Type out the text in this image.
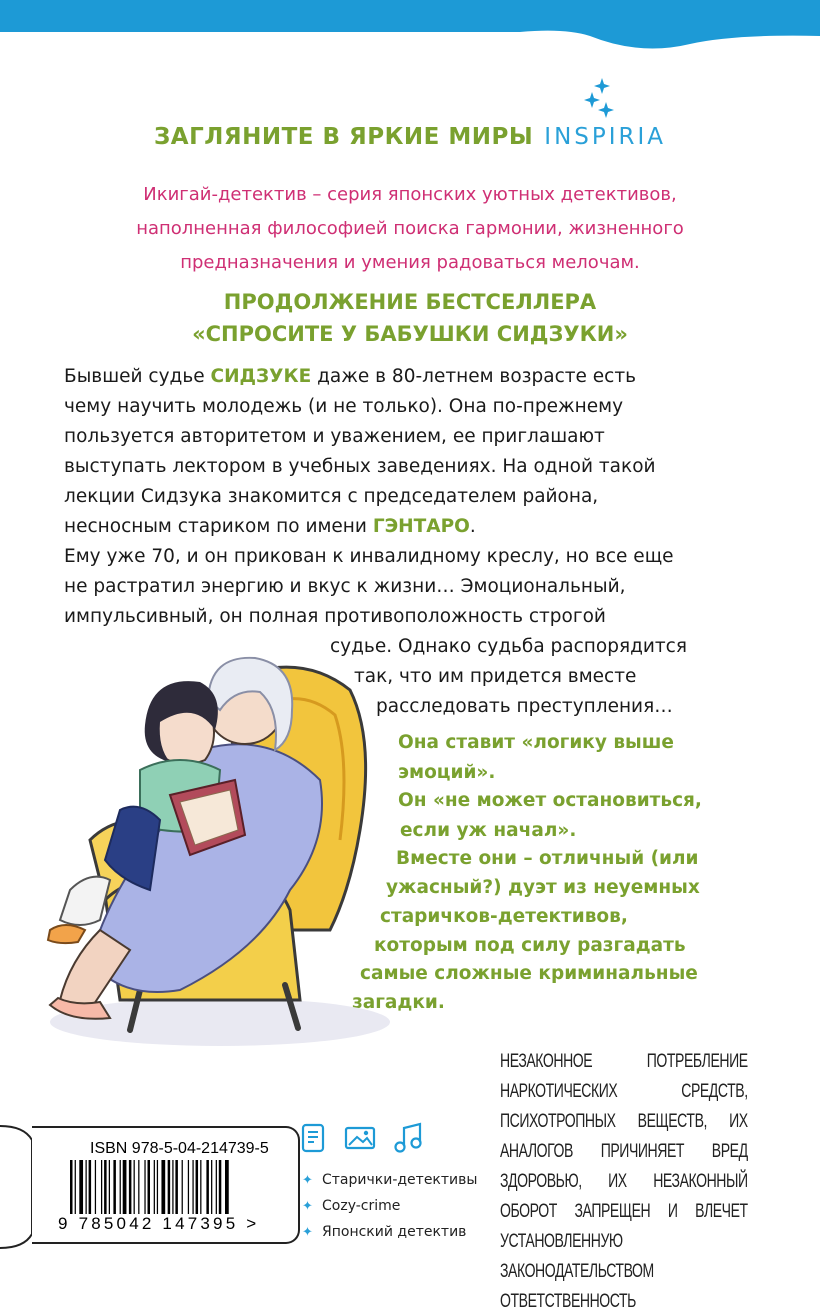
ЗАГЛЯНИТЕ В ЯРКИЕ МИРЫ INSPIRIA
Икигай-детектив – серия японских уютных детективов,
наполненная философией поиска гармонии, жизненного
предназначения и умения радоваться мелочам.
ПРОДОЛЖЕНИЕ БЕСТСЕЛЛЕРА
«СПРОСИТЕ У БАБУШКИ СИДЗУКИ»
Бывшей судье СИДЗУКЕ даже в 80-летнем возрасте есть
чему научить молодежь (и не только). Она по-прежнему
пользуется авторитетом и уважением, ее приглашают
выступать лектором в учебных заведениях. На одной такой
лекции Сидзука знакомится с председателем района,
несносным стариком по имени ГЭНТАРО.
Ему уже 70, и он прикован к инвалидному креслу, но все еще
не растратил энергию и вкус к жизни… Эмоциональный,
импульсивный, он полная противоположность строгой
судье. Однако судьба распорядится
так, что им придется вместе
расследовать преступления…
Она ставит «логику выше
эмоций».
Он «не может остановиться,
если уж начал».
Вместе они – отличный (или
ужасный?) дуэт из неуемных
старичков-детективов,
которым под силу разгадать
самые сложные криминальные
загадки.
ISBN 978-5-04-214739-5
9 785042 147395 >
✦ Старички-детективы
✦ Cozy-crime
✦ Японский детектив
НЕЗАКОННОЕ ПОТРЕБЛЕНИЕ НАРКОТИЧЕСКИХ СРЕДСТВ, ПСИХОТРОПНЫХ ВЕЩЕСТВ, ИХ АНАЛОГОВ ПРИЧИНЯЕТ ВРЕД ЗДОРОВЬЮ, ИХ НЕЗАКОННЫЙ ОБОРОТ ЗАПРЕЩЕН И ВЛЕЧЕТ УСТАНОВЛЕННУЮ ЗАКОНОДАТЕЛЬСТВОМ ОТВЕТСТВЕННОСТЬ
